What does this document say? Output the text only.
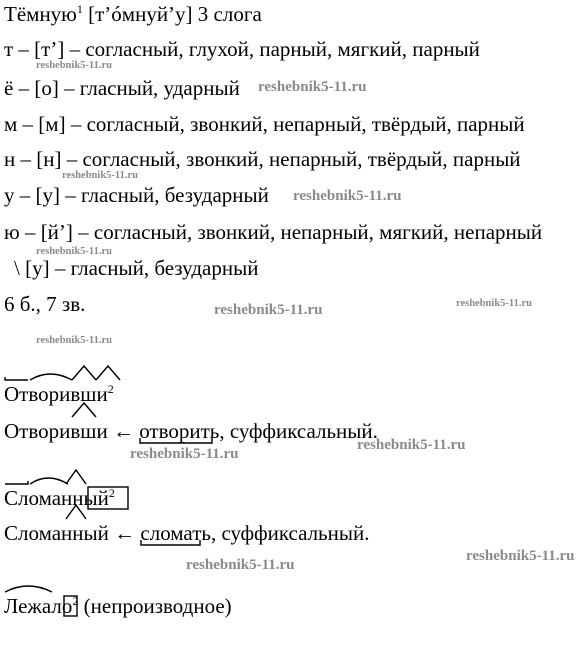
Тёмную$^1$ [т’óмнуй’у] 3 слога
т – [т’] – согласный, глухой, парный, мягкий, парный
ё – [о] – гласный, ударный
м – [м] – согласный, звонкий, непарный, твёрдый, парный
н – [н] – согласный, звонкий, непарный, твёрдый, парный
у – [у] – гласный, безударный
ю – [й’] – согласный, звонкий, непарный, мягкий, непарный
\ [у] – гласный, безударный
6 б., 7 зв.
Отворивши
$^2$
Отворивши ← отворить
, суффиксальный.
Сломанный
$^2$
Сломанный ← сломать
, суффиксальный.
Лежало
$^2$ (непроизводное)
reshebnik5-11.ru
reshebnik5-11.ru
reshebnik5-11.ru
reshebnik5-11.ru
reshebnik5-11.ru
reshebnik5-11.ru	reshebnik5-11.ru
reshebnik5-11.ru
reshebnik5-11.ru
reshebnik5-11.ru
reshebnik5-11.ru
reshebnik5-11.ru
